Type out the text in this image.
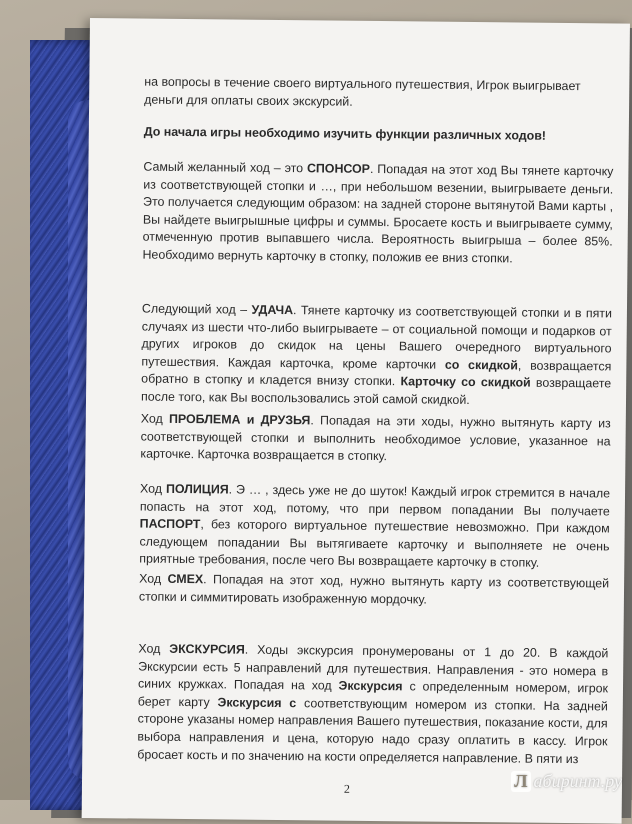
на вопросы в течение своего виртуального путешествия, Игрок выигрывает
деньги для оплаты своих экскурсий.

До начала игры необходимо изучить функции различных ходов!

Самый желанный ход – это СПОНСОР. Попадая на этот ход Вы тянете карточку из соответствующей стопки и …, при небольшом везении, выигрываете деньги. Это получается следующим образом: на задней стороне вытянутой Вами карты , Вы найдете выигрышные цифры и суммы. Бросаете кость и выигрываете сумму, отмеченную против выпавшего числа. Вероятность выигрыша – более 85%. Необходимо вернуть карточку в стопку, положив ее вниз стопки.

Следующий ход – УДАЧА. Тянете карточку из соответствующей стопки и в пяти случаях из шести что-либо выигрываете – от социальной помощи и подарков от других игроков до скидок на цены Вашего очередного виртуального путешествия. Каждая карточка, кроме карточки со скидкой, возвращается обратно в стопку и кладется внизу стопки. Карточку со скидкой возвращаете после того, как Вы воспользовались этой самой скидкой.

Ход ПРОБЛЕМА и ДРУЗЬЯ. Попадая на эти ходы, нужно вытянуть карту из соответствующей стопки и выполнить необходимое условие, указанное на карточке. Карточка возвращается в стопку.

Ход ПОЛИЦИЯ. Э … , здесь уже не до шуток! Каждый игрок стремится в начале попасть на этот ход, потому, что при первом попадании Вы получаете ПАСПОРТ, без которого виртуальное путешествие невозможно. При каждом следующем попадании Вы вытягиваете карточку и выполняете не очень приятные требования, после чего Вы возвращаете карточку в стопку.

Ход СМЕХ. Попадая на этот ход, нужно вытянуть карту из соответствующей стопки и симмитировать изображенную мордочку.

Ход ЭКСКУРСИЯ. Ходы экскурсия пронумерованы от 1 до 20. В каждой Экскурсии есть 5 направлений для путешествия. Направления - это номера в синих кружках. Попадая на ход Экскурсия с определенным номером, игрок берет карту Экскурсия с соответствующим номером из стопки. На задней стороне указаны номер направления Вашего путешествия, показание кости, для выбора направления и цена, которую надо сразу оплатить в кассу. Игрок бросает кость и по значению на кости определяется направление. В пяти из

2	Л абиринт.ру
